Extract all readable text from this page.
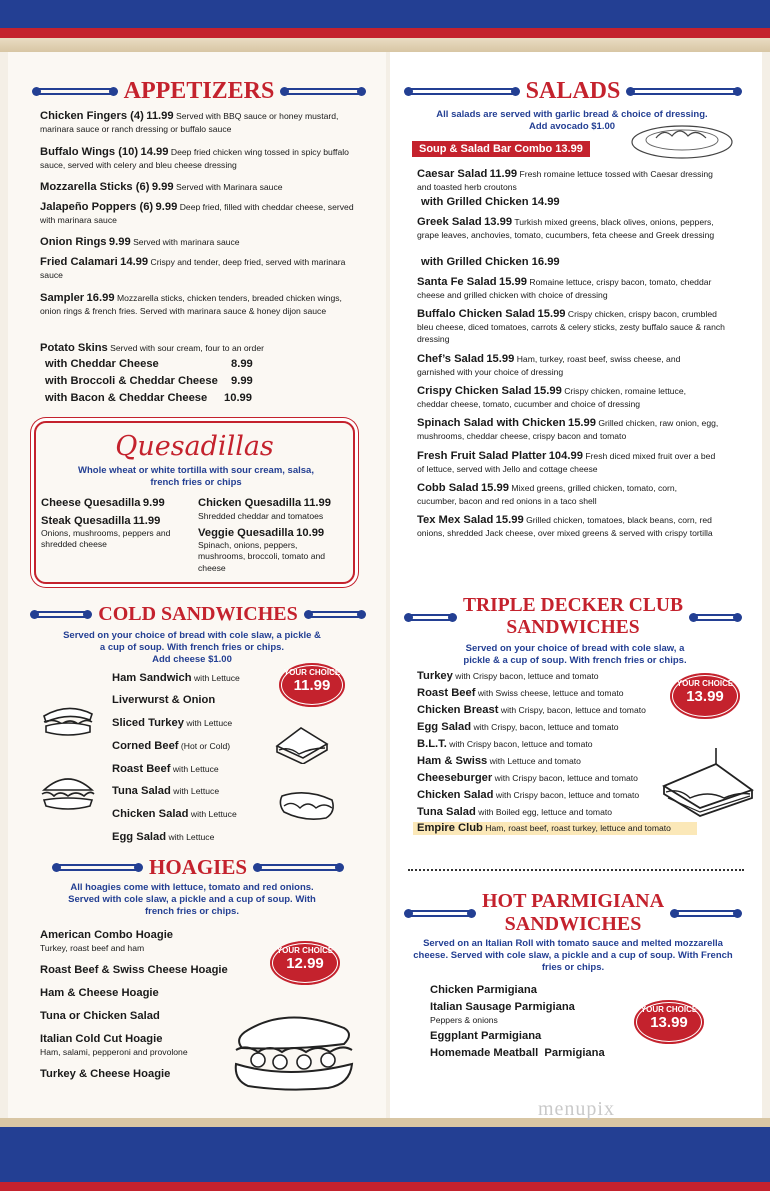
menupix
APPETIZERS
Chicken Fingers (4) 11.99 Served with BBQ sauce or honey mustard, marinara sauce or ranch dressing or buffalo sauce
Buffalo Wings (10) 14.99 Deep fried chicken wing tossed in spicy buffalo sauce, served with celery and bleu cheese dressing
Mozzarella Sticks (6) 9.99 Served with Marinara sauce
Jalapeño Poppers (6) 9.99 Deep fried, filled with cheddar cheese, served with marinara sauce
Onion Rings 9.99 Served with marinara sauce
Fried Calamari 14.99 Crispy and tender, deep fried, served with marinara sauce
Sampler 16.99 Mozzarella sticks, chicken tenders, breaded chicken wings, onion rings & french fries. Served with marinara sauce & honey dijon sauce
Potato Skins Served with sour cream, four to an order
with Cheddar Cheese	8.99
with Broccoli & Cheddar Cheese 9.99
with Bacon & Cheddar Cheese 10.99
Quesadillas
Whole wheat or white tortilla with sour cream, salsa, french fries or chips
Cheese Quesadilla 9.99	Chicken Quesadilla 11.99
Shredded cheddar and tomatoes
Steak Quesadilla 11.99
Onions, mushrooms, peppers and shredded cheese
Veggie Quesadilla 10.99
Spinach, onions, peppers, mushrooms, broccoli, tomato and cheese
COLD SANDWICHES
Served on your choice of bread with cole slaw, a pickle & a cup of soup. With french fries or chips.
Add cheese $1.00
YOUR CHOICE
11.99
Ham Sandwich with Lettuce
Liverwurst & Onion
Sliced Turkey with Lettuce
Corned Beef (Hot or Cold)
Roast Beef with Lettuce
Tuna Salad with Lettuce
Chicken Salad with Lettuce
Egg Salad with Lettuce
HOAGIES
All hoagies come with lettuce, tomato and red onions. Served with cole slaw, a pickle and a cup of soup. With french fries or chips.
YOUR CHOICE
12.99
American Combo Hoagie
Turkey, roast beef and ham
Roast Beef & Swiss Cheese Hoagie
Ham & Cheese Hoagie
Tuna or Chicken Salad
Italian Cold Cut Hoagie
Ham, salami, pepperoni and provolone
Turkey & Cheese Hoagie
SALADS
All salads are served with garlic bread & choice of dressing.
Add avocado $1.00
Soup & Salad Bar Combo 13.99
Caesar Salad 11.99 Fresh romaine lettuce tossed with Caesar dressing and toasted herb croutons
with Grilled Chicken 14.99
Greek Salad 13.99 Turkish mixed greens, black olives, onions, peppers, grape leaves, anchovies, tomato, cucumbers, feta cheese and Greek dressing
with Grilled Chicken 16.99
Santa Fe Salad 15.99 Romaine lettuce, crispy bacon, tomato, cheddar cheese and grilled chicken with choice of dressing
Buffalo Chicken Salad 15.99 Crispy chicken, crispy bacon, crumbled bleu cheese, diced tomatoes, carrots & celery sticks, zesty buffalo sauce & ranch dressing
Chef’s Salad 15.99 Ham, turkey, roast beef, swiss cheese, and garnished with your choice of dressing
Crispy Chicken Salad 15.99 Crispy chicken, romaine lettuce, cheddar cheese, tomato, cucumber and choice of dressing
Spinach Salad with Chicken 15.99 Grilled chicken, raw onion, egg, mushrooms, cheddar cheese, crispy bacon and tomato
Fresh Fruit Salad Platter 104.99 Fresh diced mixed fruit over a bed of lettuce, served with Jello and cottage cheese
Cobb Salad 15.99 Mixed greens, grilled chicken, tomato, corn, cucumber, bacon and red onions in a taco shell
Tex Mex Salad 15.99 Grilled chicken, tomatoes, black beans, corn, red onions, shredded Jack cheese, over mixed greens & served with crispy tortilla
TRIPLE DECKER CLUB
SANDWICHES
Served on your choice of bread with cole slaw, a pickle & a cup of soup. With french fries or chips.
YOUR CHOICE
13.99
Turkey with Crispy bacon, lettuce and tomato
Roast Beef with Swiss cheese, lettuce and tomato
Chicken Breast with Crispy, bacon, lettuce and tomato
Egg Salad with Crispy, bacon, lettuce and tomato
B.L.T. with Crispy bacon, lettuce and tomato
Ham & Swiss with Lettuce and tomato
Cheeseburger with Crispy bacon, lettuce and tomato
Chicken Salad with Crispy bacon, lettuce and tomato
Tuna Salad with Boiled egg, lettuce and tomato
Empire Club Ham, roast beef, roast turkey, lettuce and tomato
HOT PARMIGIANA
SANDWICHES
Served on an Italian Roll with tomato sauce and melted mozzarella cheese. Served with cole slaw, a pickle and a cup of soup. With French fries or chips.
YOUR CHOICE
13.99
Chicken Parmigiana
Italian Sausage Parmigiana
Peppers & onions
Eggplant Parmigiana
Homemade Meatball  Parmigiana
